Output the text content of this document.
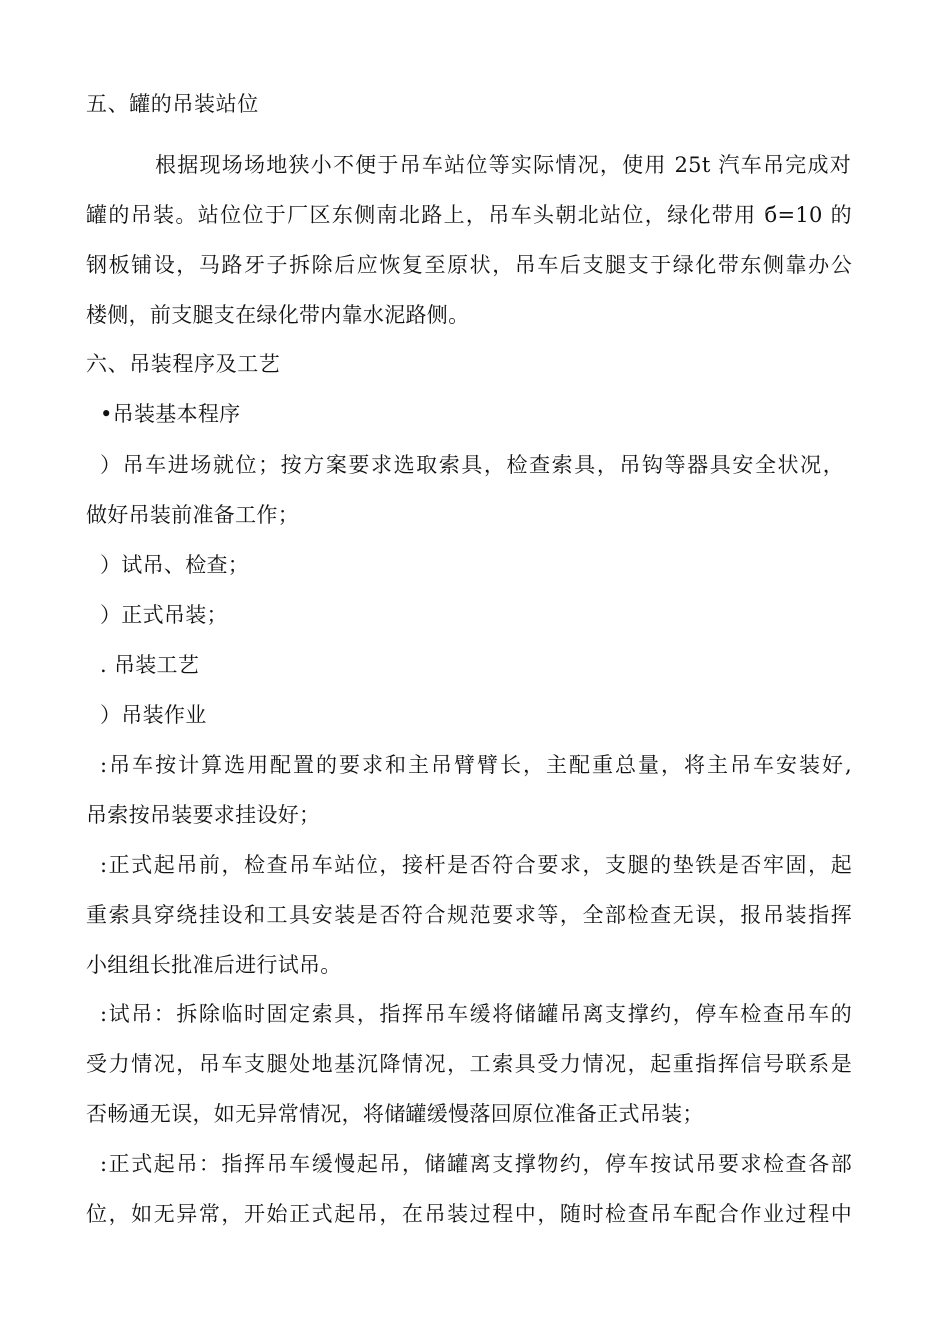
五、罐的吊装站位
根据现场场地狭小不便于吊车站位等实际情况，使用 25t 汽车吊完成对
罐的吊装。站位位于厂区东侧南北路上，吊车头朝北站位，绿化带用 б=10 的
钢板铺设，马路牙子拆除后应恢复至原状，吊车后支腿支于绿化带东侧靠办公
楼侧，前支腿支在绿化带内靠水泥路侧。
六、吊装程序及工艺
•吊装基本程序
）吊车进场就位；按方案要求选取索具，检查索具，吊钩等器具安全状况，
做好吊装前准备工作；
）试吊、检查；
）正式吊装；
. 吊装工艺
）吊装作业
:吊车按计算选用配置的要求和主吊臂臂长，主配重总量，将主吊车安装好,
吊索按吊装要求挂设好；
:正式起吊前，检查吊车站位，接杆是否符合要求，支腿的垫铁是否牢固，起
重索具穿绕挂设和工具安装是否符合规范要求等，全部检查无误，报吊装指挥
小组组长批准后进行试吊。
:试吊：拆除临时固定索具，指挥吊车缓将储罐吊离支撑约，停车检查吊车的
受力情况，吊车支腿处地基沉降情况，工索具受力情况，起重指挥信号联系是
否畅通无误，如无异常情况，将储罐缓慢落回原位准备正式吊装；
:正式起吊：指挥吊车缓慢起吊，储罐离支撑物约，停车按试吊要求检查各部
位，如无异常，开始正式起吊，在吊装过程中，随时检查吊车配合作业过程中
